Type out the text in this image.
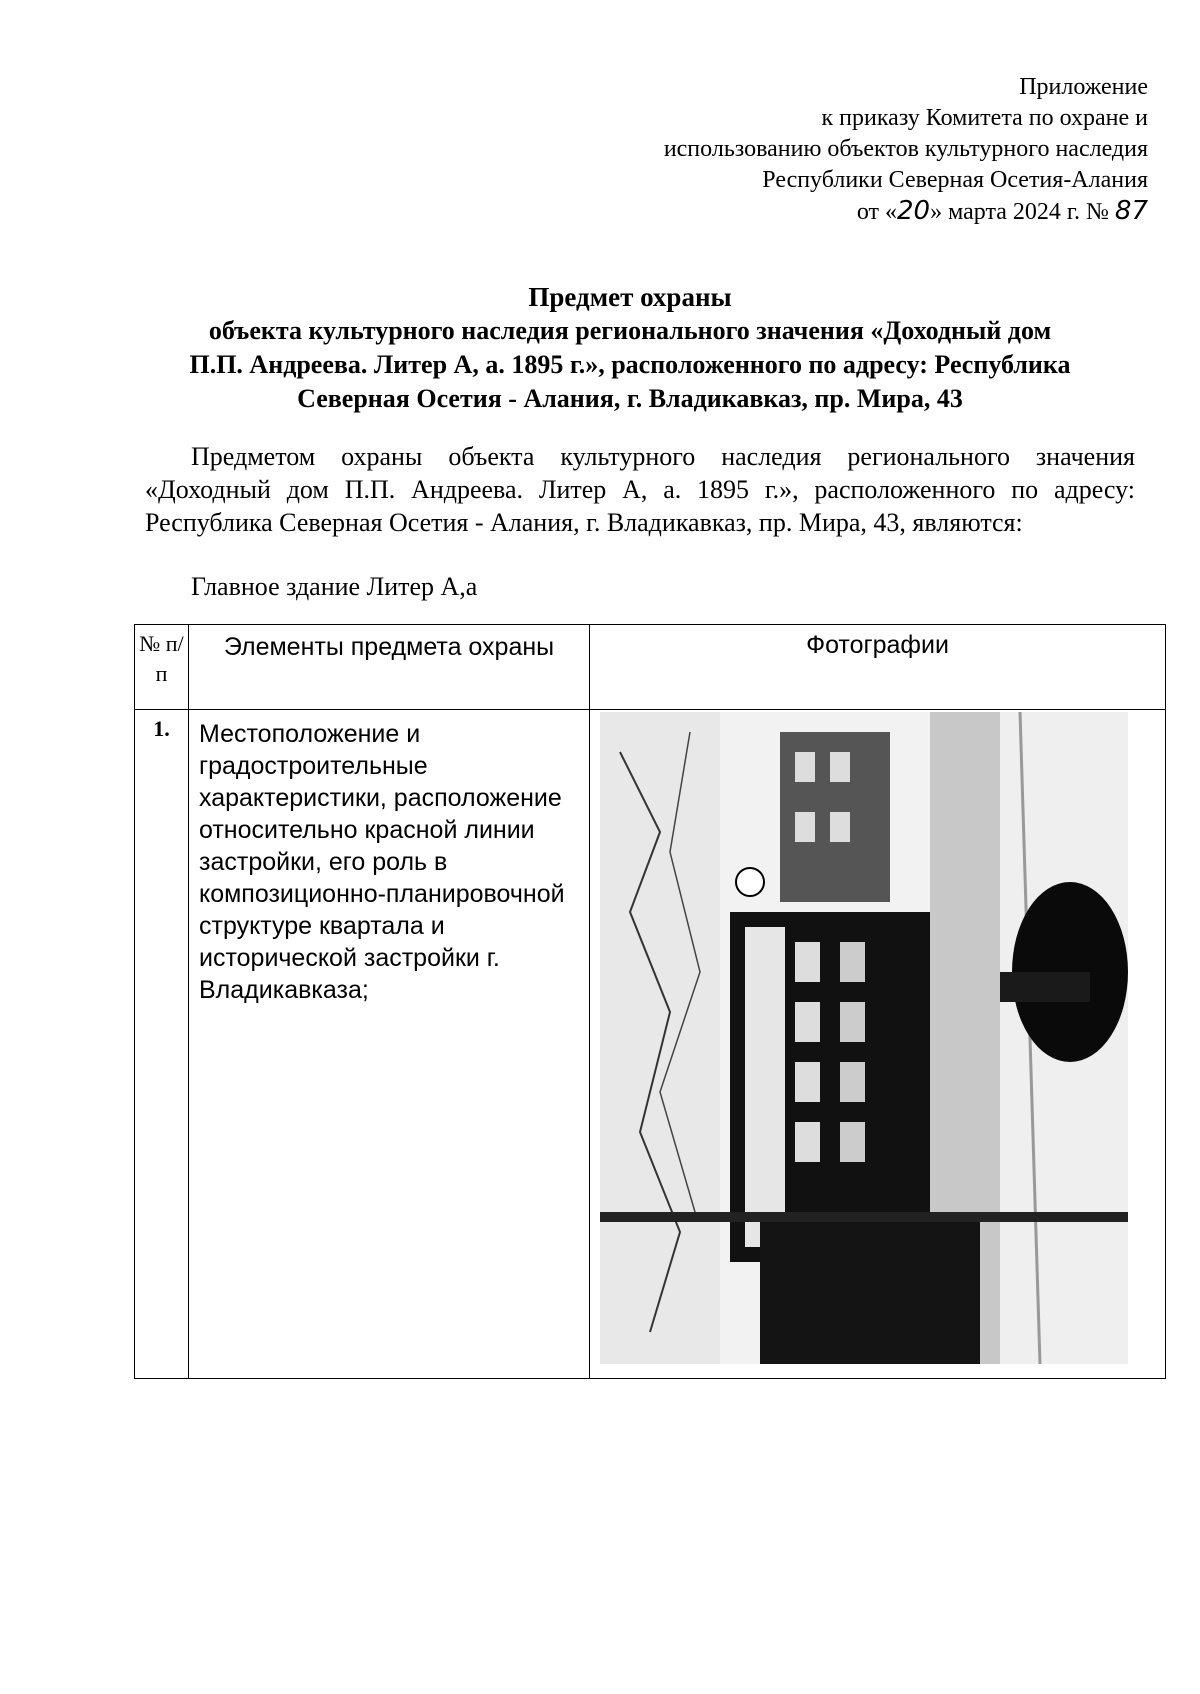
Приложение
к приказу Комитета по охране и
использованию объектов культурного наследия
Республики Северная Осетия-Алания
от «20» марта 2024 г. № 87
Предмет охраны
объекта культурного наследия регионального значения «Доходный дом
П.П. Андреева. Литер А, а. 1895 г.», расположенного по адресу: Республика
Северная Осетия - Алания, г. Владикавказ, пр. Мира, 43
Предметом охраны объекта культурного наследия регионального значения «Доходный дом П.П. Андреева. Литер А, а. 1895 г.», расположенного по адресу: Республика Северная Осетия - Алания, г. Владикавказ, пр. Мира, 43, являются:
Главное здание Литер А,а
№ п/п	Элементы предмета охраны	Фотографии
1.	Местоположение и градостроительные характеристики, расположение относительно красной линии застройки, его роль в композиционно-планировочной структуре квартала и исторической застройки г. Владикавказа;	
